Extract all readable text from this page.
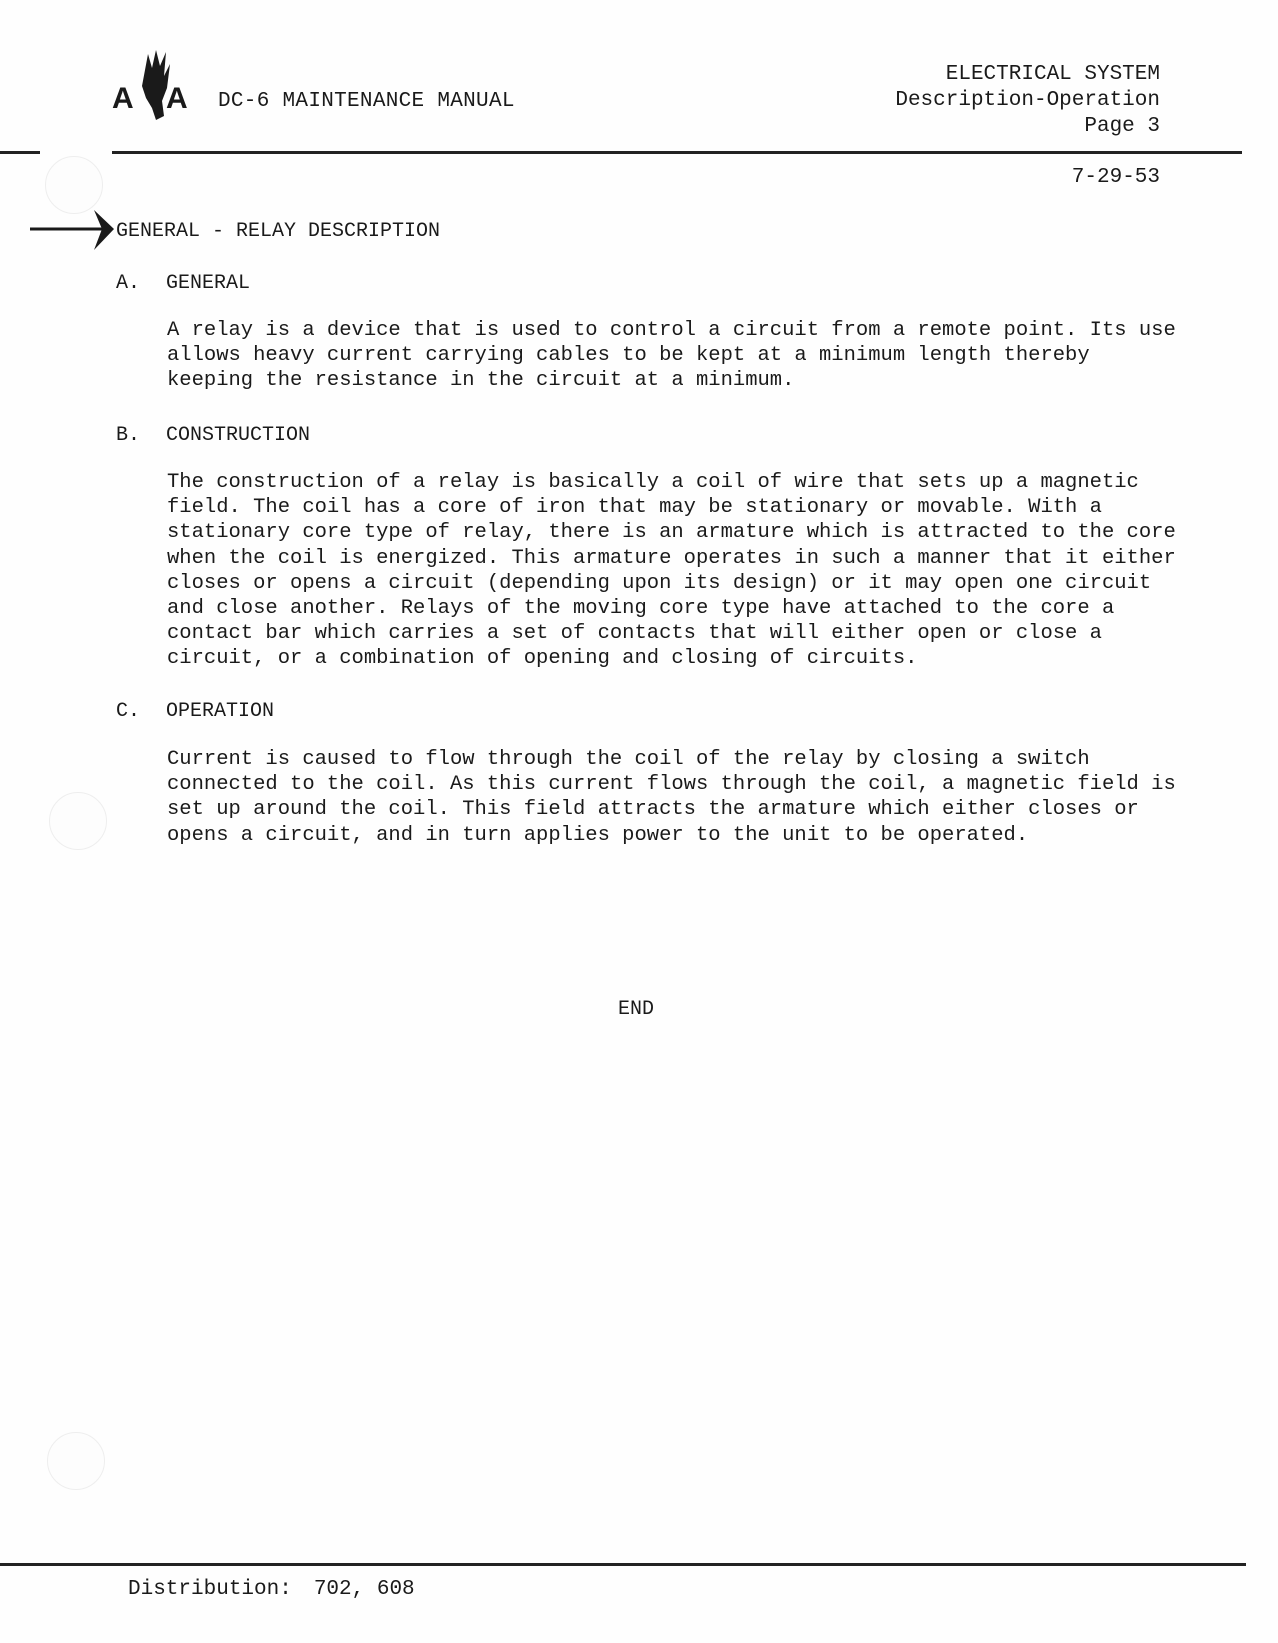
A A DC-6 MAINTENANCE MANUAL
ELECTRICAL SYSTEM
Description-Operation
Page 3
7-29-53
GENERAL - RELAY DESCRIPTION
A. GENERAL
A relay is a device that is used to control a circuit from a remote point. Its use allows heavy current carrying cables to be kept at a minimum length thereby keeping the resistance in the circuit at a minimum.
B. CONSTRUCTION
The construction of a relay is basically a coil of wire that sets up a magnetic field. The coil has a core of iron that may be stationary or movable. With a stationary core type of relay, there is an armature which is attracted to the core when the coil is energized. This armature operates in such a manner that it either closes or opens a circuit (depending upon its design) or it may open one circuit and close another. Relays of the moving core type have attached to the core a contact bar which carries a set of contacts that will either open or close a circuit, or a combination of opening and closing of circuits.
C. OPERATION
Current is caused to flow through the coil of the relay by closing a switch connected to the coil. As this current flows through the coil, a magnetic field is set up around the coil. This field attracts the armature which either closes or opens a circuit, and in turn applies power to the unit to be operated.
END
Distribution: 702, 608
